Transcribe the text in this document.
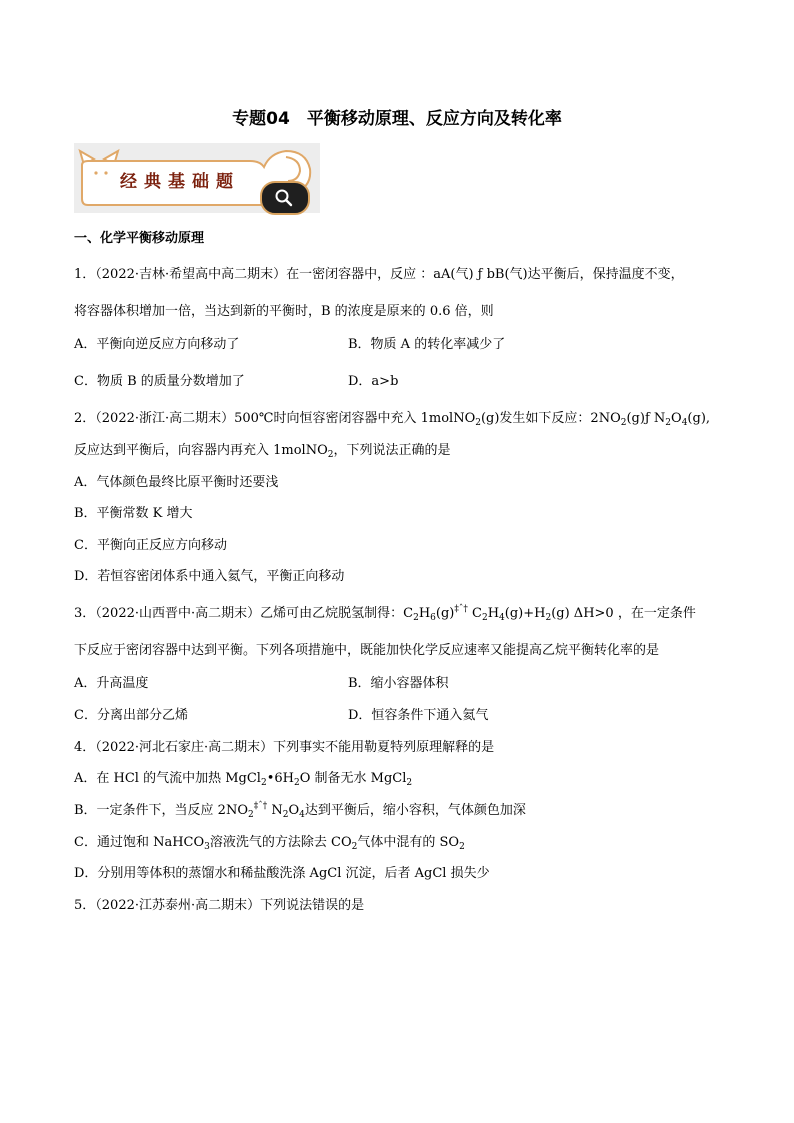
专题04　平衡移动原理、反应方向及转化率
经典基础题
一、化学平衡移动原理
1．（2022·吉林·希望高中高二期末）在一密闭容器中，反应 ：aA(气) ƒ bB(气)达平衡后，保持温度不变，
将容器体积增加一倍，当达到新的平衡时，B 的浓度是原来的 0.6 倍，则
A．平衡向逆反应方向移动了	B．物质 A 的转化率减少了
C．物质 B 的质量分数增加了	D．a>b
2．（2022·浙江·高二期末）500℃时向恒容密闭容器中充入 1molNO$_2$(g)发生如下反应：$2NO_2(g)ƒ$ $N_2O_4(g)$,
反应达到平衡后，向容器内再充入 1molNO$_2$，下列说法正确的是
A．气体颜色最终比原平衡时还要浅
B．平衡常数 K 增大
C．平衡向正反应方向移动
D．若恒容密闭体系中通入氦气，平衡正向移动
3．（2022·山西晋中·高二期末）乙烯可由乙烷脱氢制得：$C_2H_6(g)^{\ddagger ˆ\dagger}$ $C_2H_4(g)+H_2(g)$ ΔH>0 ，在一定条件
下反应于密闭容器中达到平衡。下列各项措施中，既能加快化学反应速率又能提高乙烷平衡转化率的是
A．升高温度	B．缩小容器体积
C．分离出部分乙烯	D．恒容条件下通入氦气
4．（2022·河北石家庄·高二期末）下列事实不能用勒夏特列原理解释的是
A．在 HCl 的气流中加热 $MgCl_2•6H_2O$ 制备无水 MgCl$_2$
B．一定条件下，当反应 $2NO_2^{\ddagger ˆ\dagger}$ $N_2O_4$达到平衡后，缩小容积，气体颜色加深
C．通过饱和 NaHCO$_3$溶液洗气的方法除去 $CO_2$气体中混有的 $SO_2$
D．分别用等体积的蒸馏水和稀盐酸洗涤 AgCl 沉淀，后者 AgCl 损失少
5．（2022·江苏泰州·高二期末）下列说法错误的是
